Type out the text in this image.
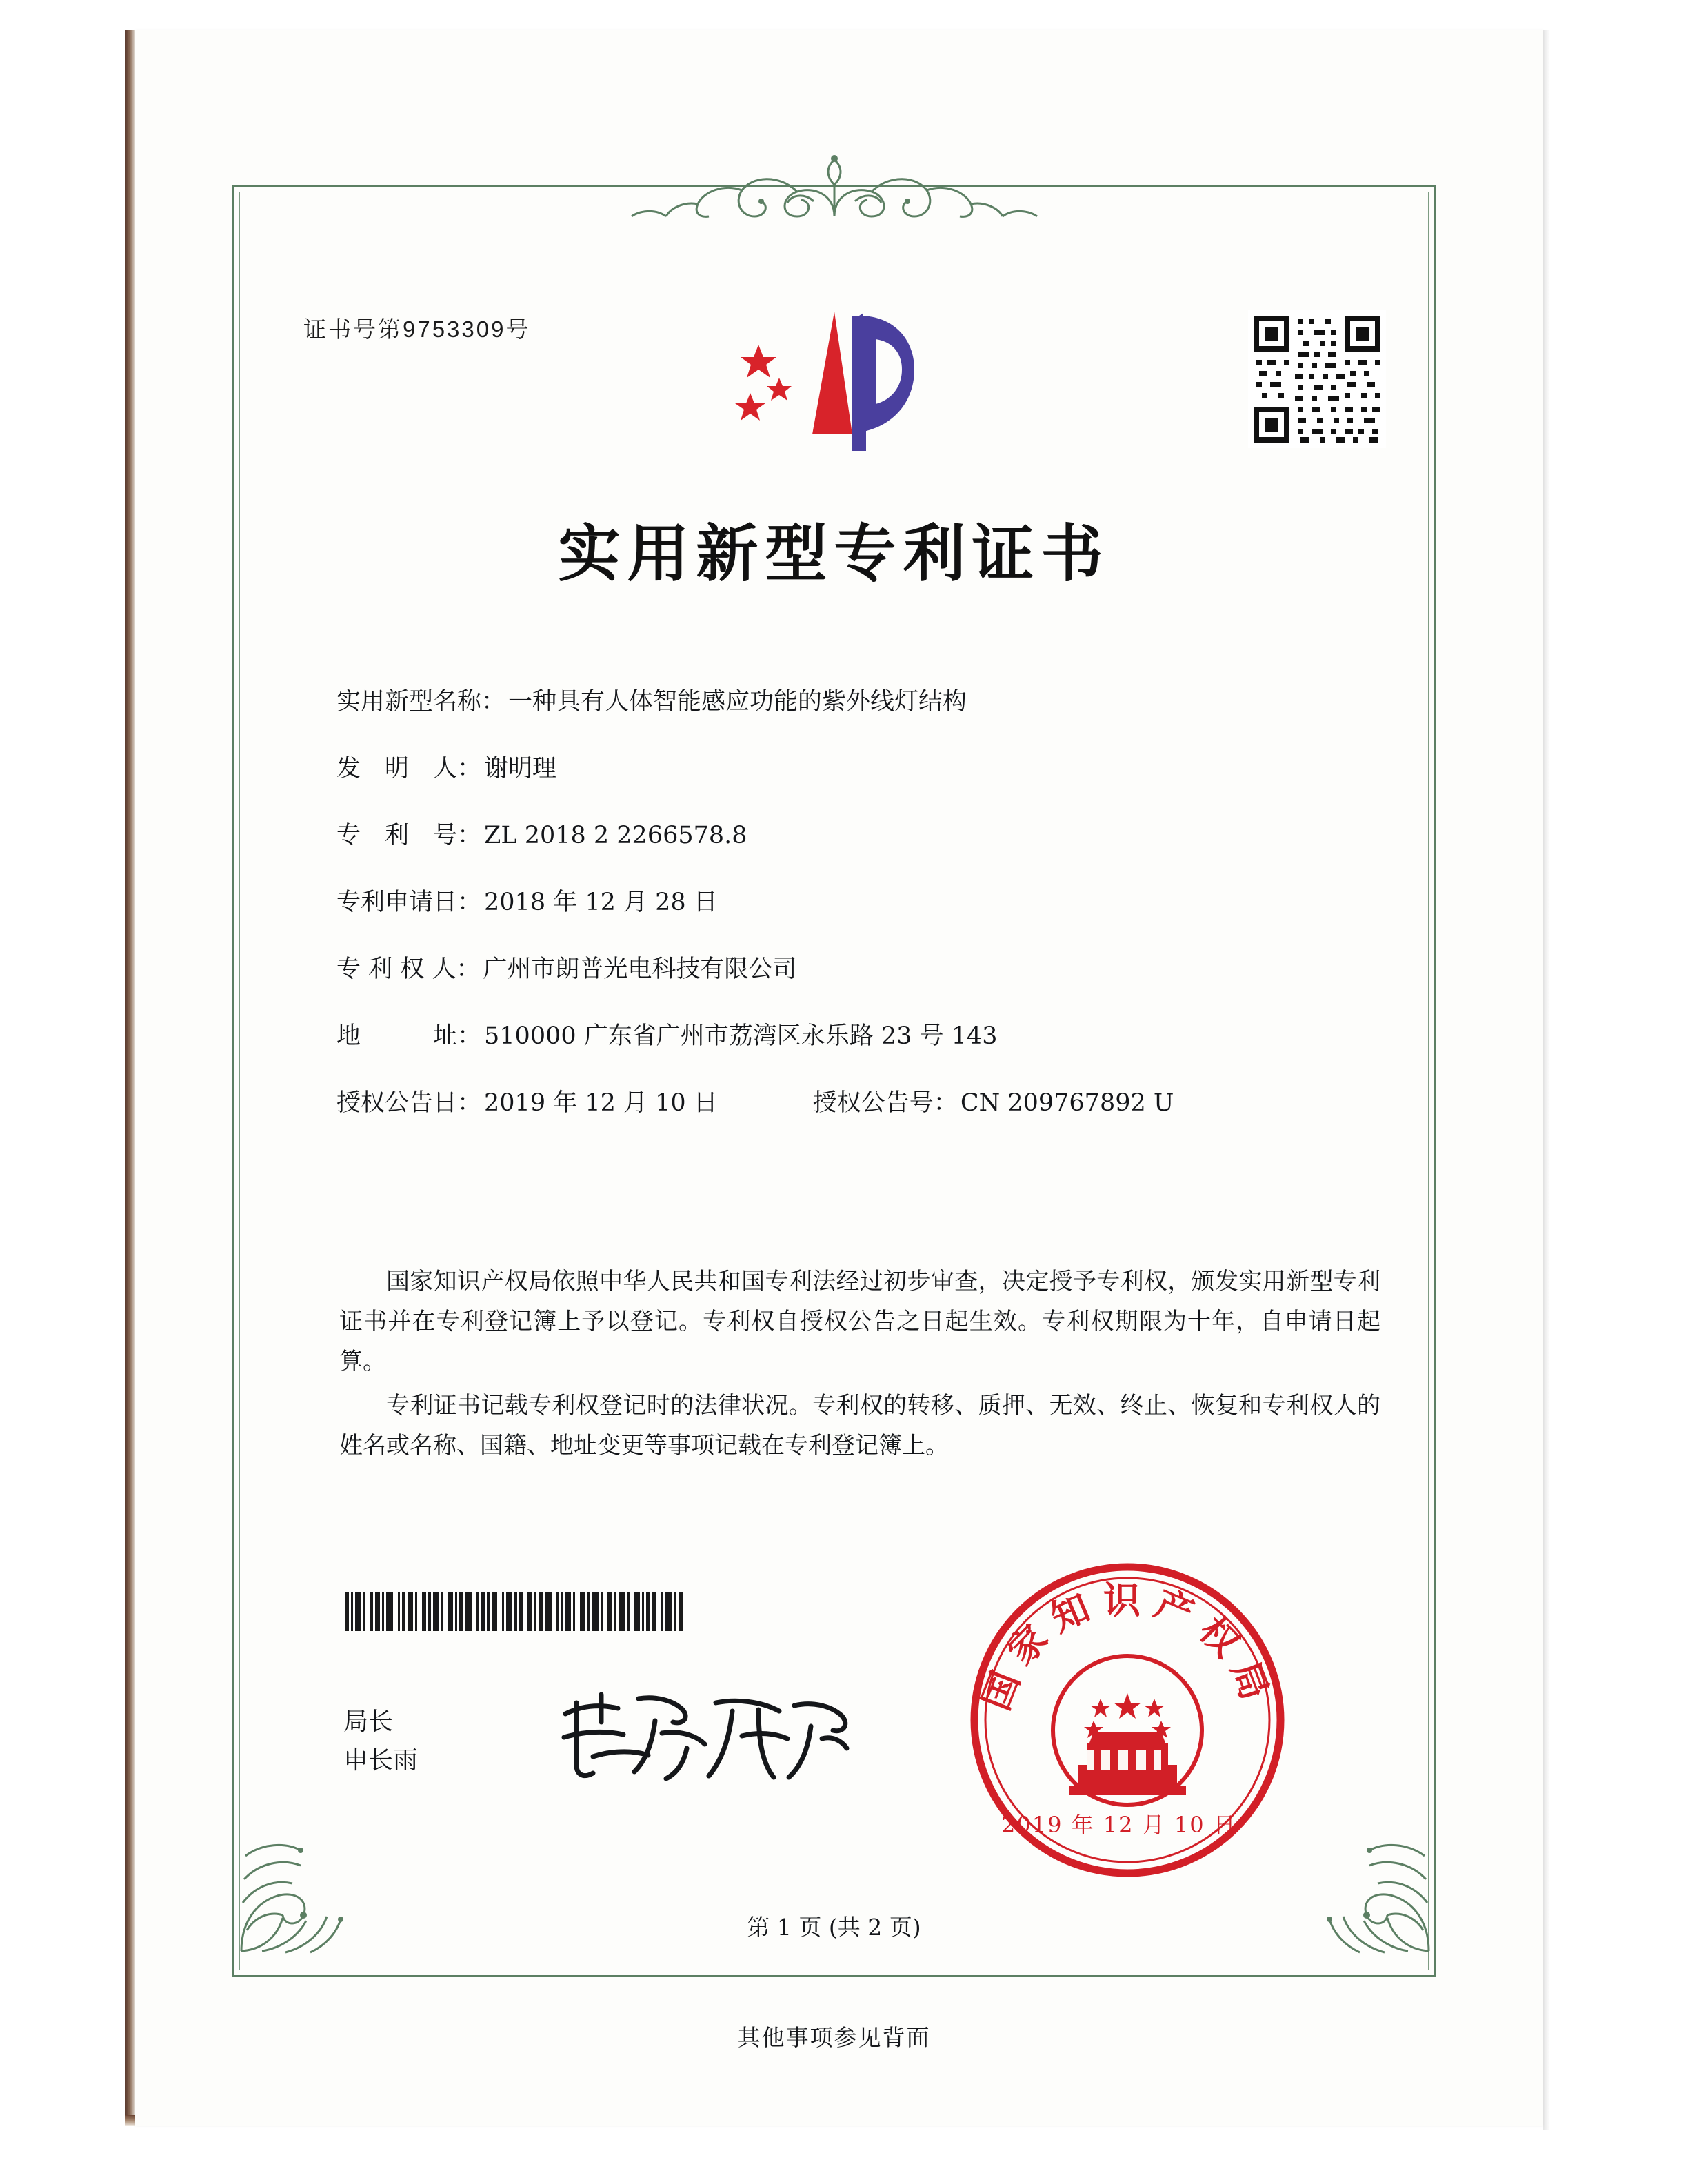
证书号第9753309号
实用新型专利证书
实用新型名称： 一种具有人体智能感应功能的紫外线灯结构
发　明　人： 谢明理
专　利　号： ZL 2018 2 2266578.8
专利申请日： 2018 年 12 月 28 日
专 利 权 人： 广州市朗普光电科技有限公司
地　　　址： 510000 广东省广州市荔湾区永乐路 23 号 143
授权公告日： 2019 年 12 月 10 日	授权公告号： CN 209767892 U

国家知识产权局依照中华人民共和国专利法经过初步审查，决定授予专利权，颁发实用新型专利证书并在专利登记簿上予以登记。专利权自授权公告之日起生效。专利权期限为十年，自申请日起算。

专利证书记载专利权登记时的法律状况。专利权的转移、质押、无效、终止、恢复和专利权人的姓名或名称、国籍、地址变更等事项记载在专利登记簿上。

局长
申长雨
国家知识产权局
2019 年 12 月 10 日
第 1 页 (共 2 页)
其他事项参见背面
